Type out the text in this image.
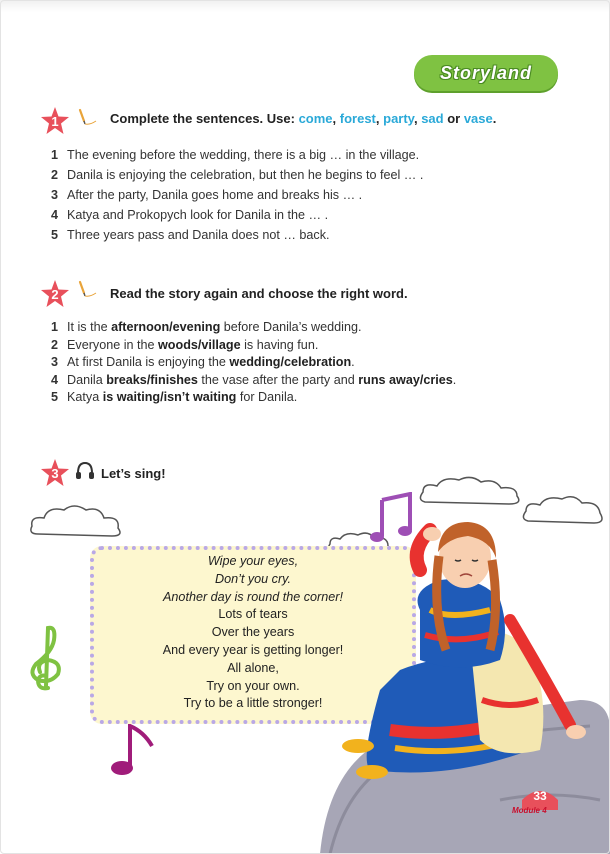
Storyland
1	Complete the sentences. Use: come, forest, party, sad or vase.
1 The evening before the wedding, there is a big … in the village.
2 Danila is enjoying the celebration, but then he begins to feel … .
3 After the party, Danila goes home and breaks his … .
4 Katya and Prokopych look for Danila in the … .
5 Three years pass and Danila does not … back.
2	Read the story again and choose the right word.
1 It is the afternoon/evening before Danila’s wedding.
2 Everyone in the woods/village is having fun.
3 At first Danila is enjoying the wedding/celebration.
4 Danila breaks/finishes the vase after the party and runs away/cries.
5 Katya is waiting/isn’t waiting for Danila.
3	Let’s sing!
Wipe your eyes,
Don’t you cry.
Another day is round the corner!
Lots of tears
Over the years
And every year is getting longer!
All alone,
Try on your own.
Try to be a little stronger!
33
Module 4
